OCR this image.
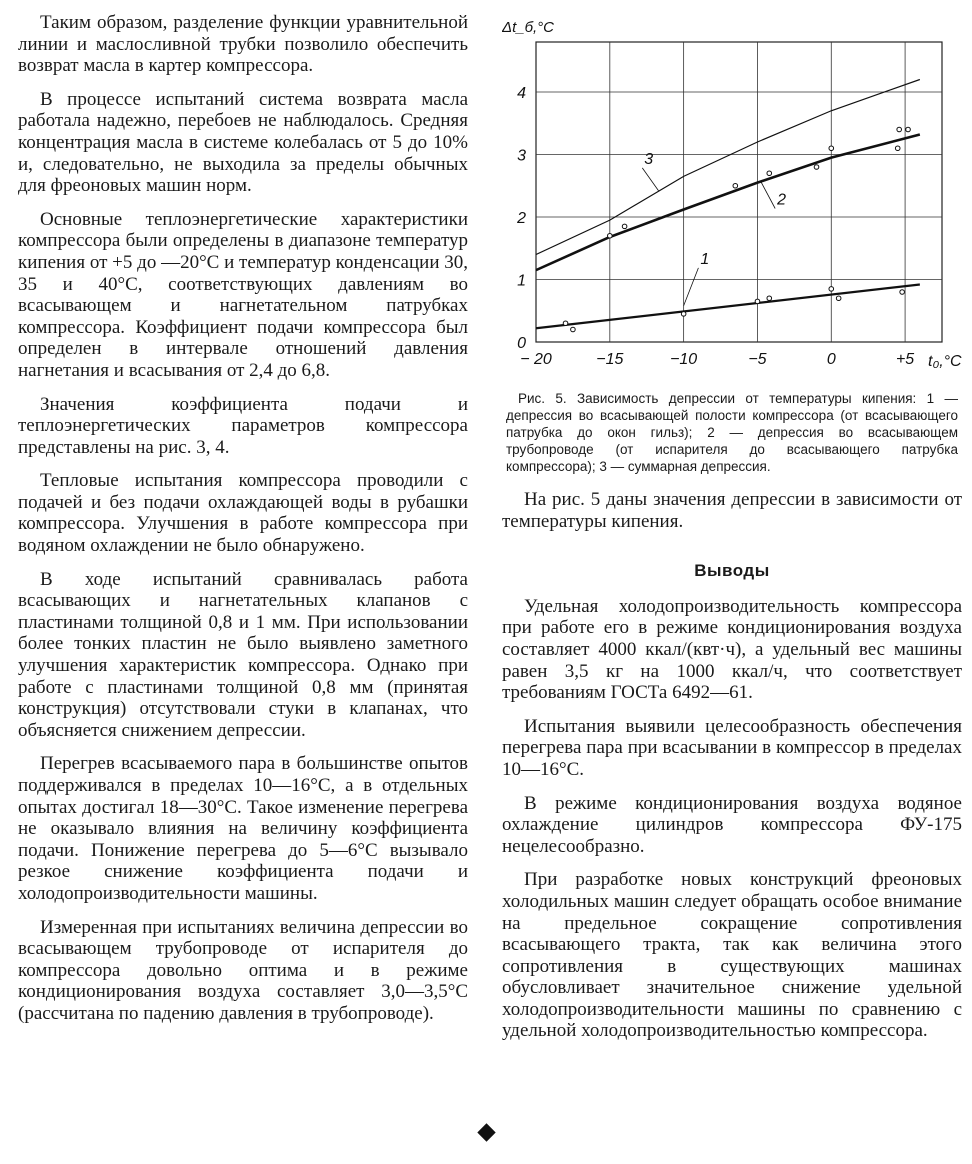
Таким образом, разделение функции уравнительной линии и маслосливной трубки позволило обеспечить возврат масла в картер компрессора.

В процессе испытаний система возврата масла работала надежно, перебоев не наблюдалось. Средняя концентрация масла в системе колебалась от 5 до 10% и, следовательно, не выходила за пределы обычных для фреоновых машин норм.

Основные теплоэнергетические характеристики компрессора были определены в диапазоне температур кипения от +5 до —20°С и температур конденсации 30, 35 и 40°С, соответствующих давлениям во всасывающем и нагнетательном патрубках компрессора. Коэффициент подачи компрессора был определен в интервале отношений давления нагнетания и всасывания от 2,4 до 6,8.

Значения коэффициента подачи и теплоэнергетических параметров компрессора представлены на рис. 3, 4.

Тепловые испытания компрессора проводили с подачей и без подачи охлаждающей воды в рубашки компрессора. Улучшения в работе компрессора при водяном охлаждении не было обнаружено.

В ходе испытаний сравнивалась работа всасывающих и нагнетательных клапанов с пластинами толщиной 0,8 и 1 мм. При использовании более тонких пластин не было выявлено заметного улучшения характеристик компрессора. Однако при работе с пластинами толщиной 0,8 мм (принятая конструкция) отсутствовали стуки в клапанах, что объясняется снижением депрессии.

Перегрев всасываемого пара в большинстве опытов поддерживался в пределах 10—16°С, а в отдельных опытах достигал 18—30°С. Такое изменение перегрева не оказывало влияния на величину коэффициента подачи. Понижение перегрева до 5—6°С вызывало резкое снижение коэффициента подачи и холодопроизводительности машины.

Измеренная при испытаниях величина депрессии во всасывающем трубопроводе от испарителя до компрессора довольно оптима и в режиме кондиционирования воздуха составляет 3,0—3,5°С (рассчитана по падению давления в трубопроводе).

− 20	−15	−10	−5	0	+5
0
1
2
3
4
Δt_б,°C
t₀,°C
1
2
3

Рис. 5. Зависимость депрессии от температуры кипения: 1 — депрессия во всасывающей полости компрессора (от всасывающего патрубка до окон гильз); 2 — депрессия во всасывающем трубопроводе (от испарителя до всасывающего патрубка компрессора); 3 — суммарная депрессия.

На рис. 5 даны значения депрессии в зависимости от температуры кипения.

Выводы

Удельная холодопроизводительность компрессора при работе его в режиме кондиционирования воздуха составляет 4000 ккал/(квт·ч), а удельный вес машины равен 3,5 кг на 1000 ккал/ч, что соответствует требованиям ГОСТа 6492—61.

Испытания выявили целесообразность обеспечения перегрева пара при всасывании в компрессор в пределах 10—16°С.

В режиме кондиционирования воздуха водяное охлаждение цилиндров компрессора ФУ-175 нецелесообразно.

При разработке новых конструкций фреоновых холодильных машин следует обращать особое внимание на предельное сокращение сопротивления всасывающего тракта, так как величина этого сопротивления в существующих машинах обусловливает значительное снижение удельной холодопроизводительности машины по сравнению с удельной холодопроизводительностью компрессора.
